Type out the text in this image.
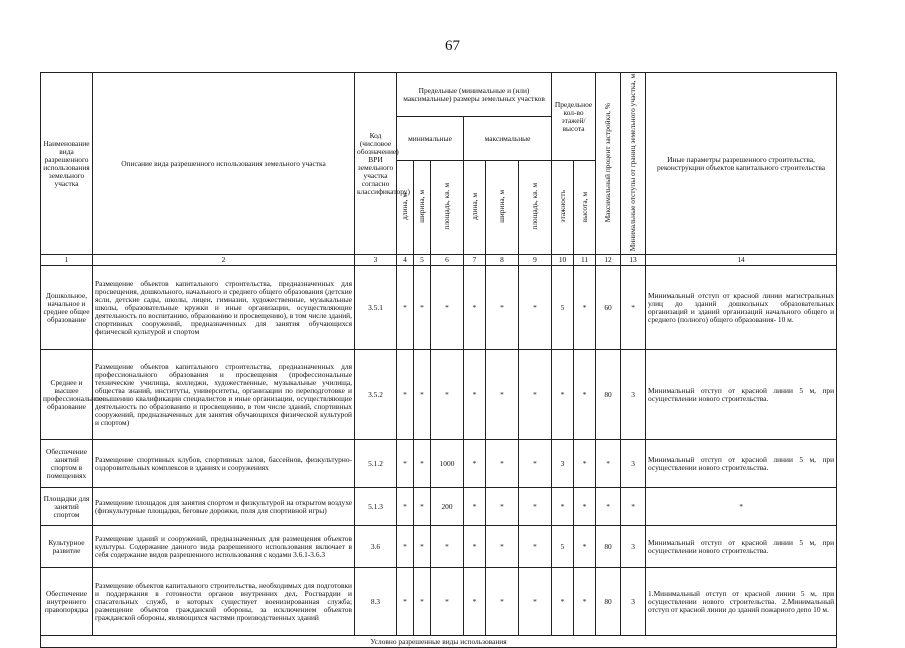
67
Наименование вида разрешенного использования земельного участка	Описание вида разрешенного использования земельного участка	Код (числовое обозначение) ВРИ земельного участка согласно классификатору)	Предельные (минимальные и (или) максимальные) размеры земельных участков						Предельное кол-во этажей/ высота		Максимальный процент застройки, %	Минимальные отступы от границ земельного участка, м	Иные параметры разрешенного строительства, реконструкции объектов капитального строительства
			минимальные			максимальные							
			длина, м	ширина, м	площадь, кв. м	длина, м	ширина, м	площадь, кв. м	этажность	высота, м			
1	2	3	4	5	6	7	8	9	10	11	12	13	14
Дошкольное, начальное и среднее общее образование	Размещение объектов капитального строительства, предназначенных для просвещения, дошкольного, начального и среднего общего образования (детские ясли, детские сады, школы, лицеи, гимназии, художественные, музыкальные школы, образовательные кружки и иные организации, осуществляющие деятельность по воспитанию, образованию и просвещению), в том числе зданий, спортивных сооружений, предназначенных для занятия обучающихся физической культурой и спортом	3.5.1	*	*	*	*	*	*	5	*	60	*	Минимальный отступ от красной линии магистральных улиц до зданий дошкольных образовательных организаций и зданий организаций начального общего и среднего (полного) общего образования- 10 м.
Среднее и высшее профессиональное образование	Размещение объектов капитального строительства, предназначенных для профессионального образования и просвещения (профессиональные технические училища, колледжи, художественные, музыкальные училища, общества знаний, институты, университеты, организации по переподготовке и повышению квалификации специалистов и иные организации, осуществляющие деятельность по образованию и просвещению, в том числе зданий, спортивных сооружений, предназначенных для занятия обучающихся физической культурой и спортом)	3.5.2	*	*	*	*	*	*	*	*	80	3	Минимальный отступ от красной линии 5 м, при осуществлении нового строительства.
Обеспечение занятий спортом в помещениях	Размещение спортивных клубов, спортивных залов, бассейнов, физкультурно-оздоровительных комплексов в зданиях и сооружениях	5.1.2	*	*	1000	*	*	*	3	*	*	3	Минимальный отступ от красной линии 5 м, при осуществлении нового строительства.
Площадки для занятий спортом	Размещение площадок для занятия спортом и физкультурой на открытом воздухе (физкультурные площадки, беговые дорожки, поля для спортивной игры)	5.1.3	*	*	200	*	*	*	*	*	*	*	*
Культурное развитие	Размещение зданий и сооружений, предназначенных для размещения объектов культуры. Содержание данного вида разрешенного использования включает в себя содержание видов разрешенного использования с кодами 3.6.1-3.6.3	3.6	*	*	*	*	*	*	5	*	80	3	Минимальный отступ от красной линии 5 м, при осуществлении нового строительства.
Обеспечение внутреннего правопорядка	Размещение объектов капитального строительства, необходимых для подготовки и поддержания в готовности органов внутренних дел, Росгвардии и спасательных служб, в которых существует военизированная служба; размещение объектов гражданской обороны, за исключением объектов гражданской обороны, являющихся частями производственных зданий	8.3	*	*	*	*	*	*	*	*	80	3	1.Минимальный отступ от красной линии 5 м, при осуществлении нового строительства. 2.Минимальный отступ от красной линии до зданий пожарного депо 10 м.
Условно разрешенные виды использования													
